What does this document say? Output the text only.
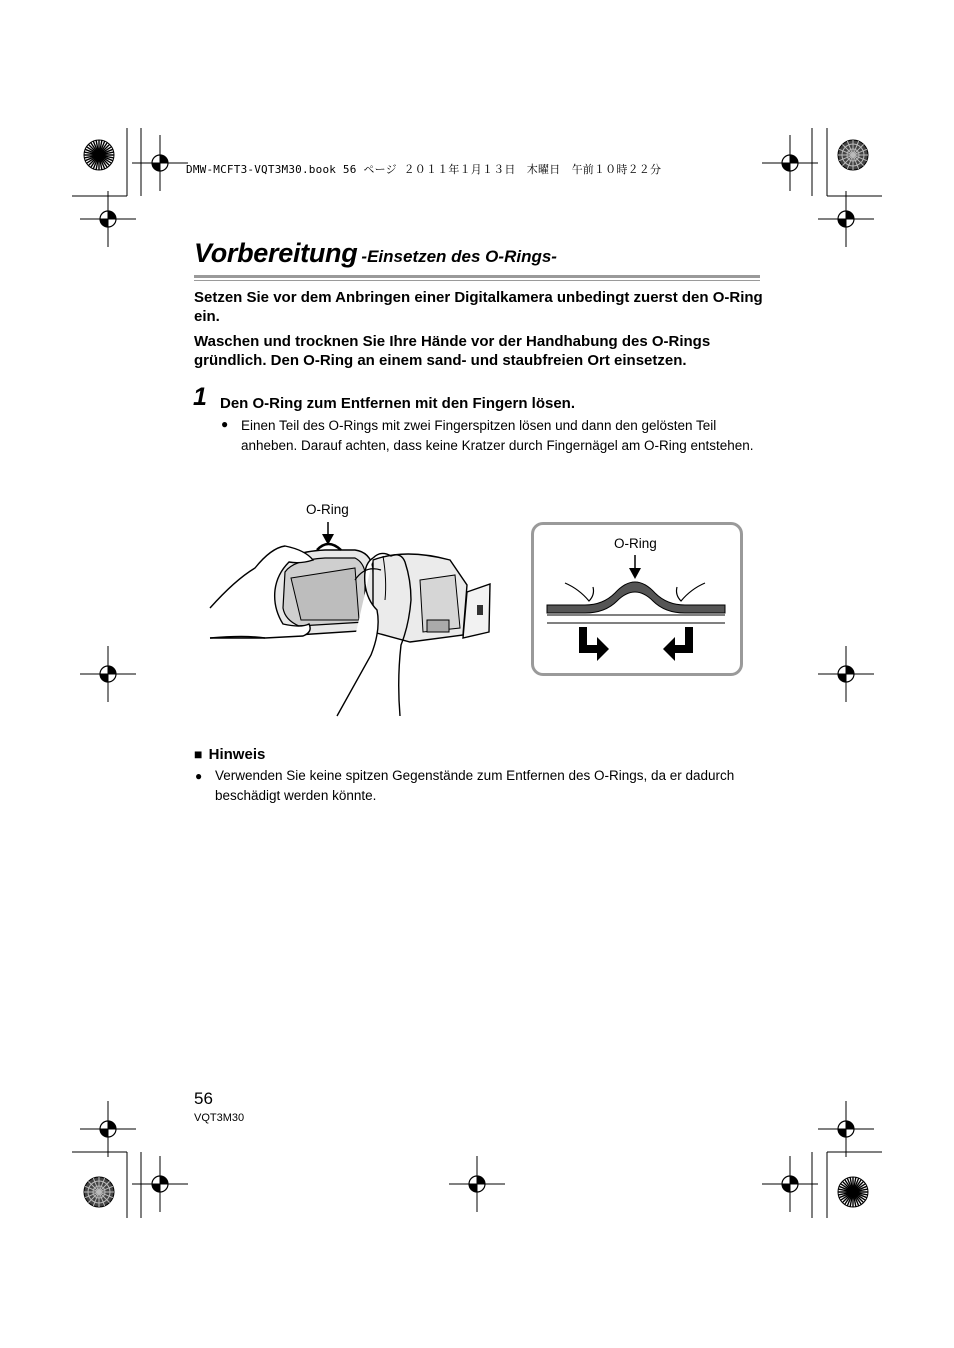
DMW-MCFT3-VQT3M30.book 56 ページ ２０１１年１月１３日　木曜日　午前１０時２２分
Vorbereitung -Einsetzen des O-Rings-
Setzen Sie vor dem Anbringen einer Digitalkamera unbedingt zuerst den O-Ring ein.
Waschen und trocknen Sie Ihre Hände vor der Handhabung des O-Rings gründlich. Den O-Ring an einem sand- und staubfreien Ort einsetzen.
1 Den O-Ring zum Entfernen mit den Fingern lösen.
● Einen Teil des O-Rings mit zwei Fingerspitzen lösen und dann den gelösten Teil anheben. Darauf achten, dass keine Kratzer durch Fingernägel am O-Ring entstehen.
O-Ring
O-Ring
■ Hinweis
● Verwenden Sie keine spitzen Gegenstände zum Entfernen des O-Rings, da er dadurch beschädigt werden könnte.
56
VQT3M30
